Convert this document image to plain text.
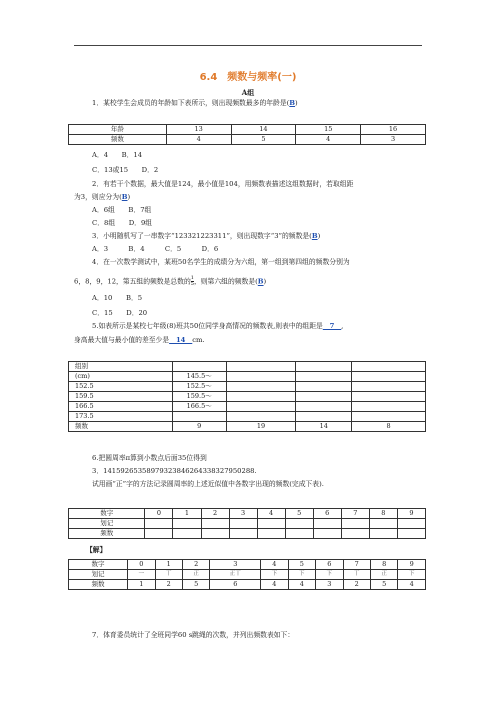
6.4　频数与频率(一)
A组
1．某校学生会成员的年龄如下表所示，则出现频数最多的年龄是(B)
年龄	13	14	15	16
频数	4	5	4	3
A．4　　B．14
C．13或15　　D．2
2．有若干个数据，最大值是124，最小值是104，用频数表描述这组数据时，若取组距
为3，则应分为(B)
A．6组　　B．7组
C．8组　　D．9组
3．小明随机写了一串数字“123321223311”，则出现数字“3”的频数是(B)
A．3　　　B．4　　　C．5　　　D．6
4．在一次数学测试中，某班50名学生的成绩分为六组，第一组到第四组的频数分别为
6，8，9，12，第五组的频数是总数的 $\frac{1}{5}$ ，则第六组的频数是(B)
A．10　　B．5
C．15　　D．20
5.如表所示是某校七年级(8)班共50位同学身高情况的频数表,则表中的组距是__7__,
身高最大值与最小值的差至少是__14__cm.
组别				
(cm)	145.5～			
152.5	152.5～			
159.5	159.5～			
166.5	166.5～			
173.5				
频数	9	19	14	8
6.把圆周率π算到小数点后面35位得到
3．14159265358979323846264338327950288.
试用画“正”字的方法记录圆周率的上述近似值中各数字出现的频数(完成下表).
数字	0	1	2	3	4	5	6	7	8	9
划记										
频数										
【解】
数字	0	1	2	3	4	5	6	7	8	9
划记	一	丅	正	正丅	下	下	下	丅	正	下
频数	1	2	5	6	4	4	3	2	5	4
7．体育委员统计了全班同学60 s跳绳的次数，并列出频数表如下：
